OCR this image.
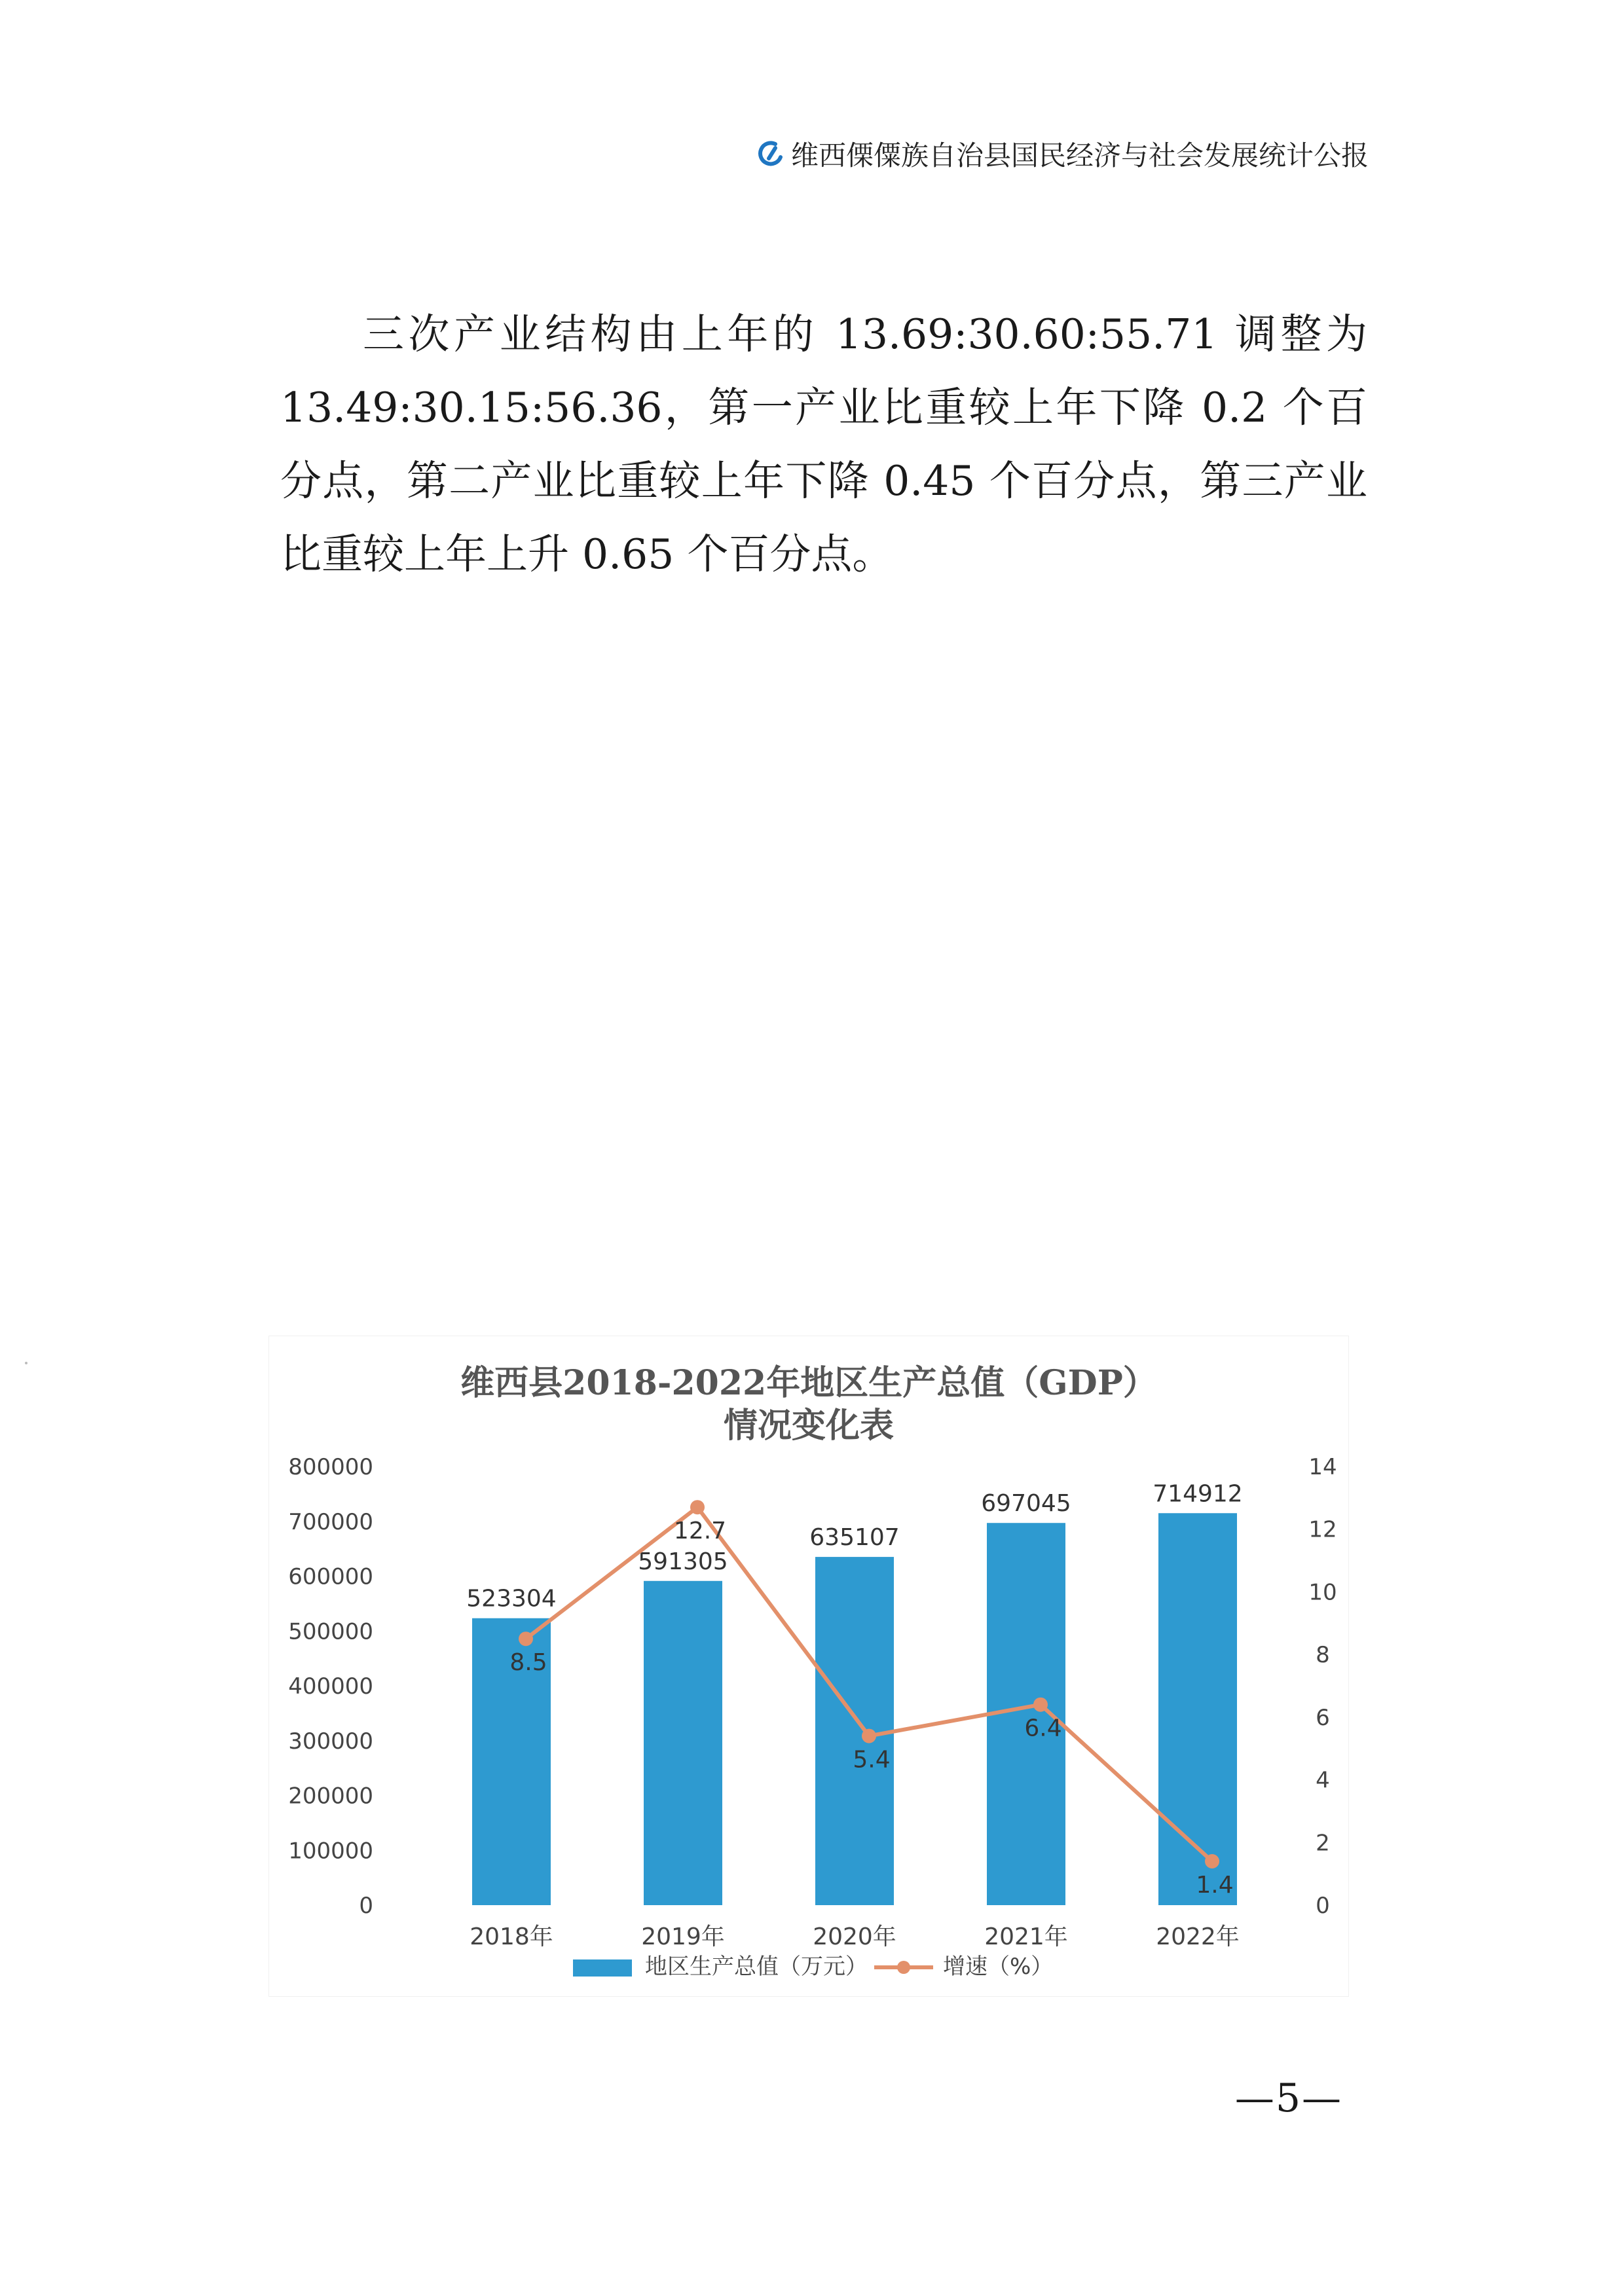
维西傈僳族自治县国民经济与社会发展统计公报

三次产业结构由上年的 13.69:30.60:55.71 调整为 13.49:30.15:56.36，第一产业比重较上年下降 0.2 个百分点，第二产业比重较上年下降 0.45 个百分点，第三产业比重较上年上升 0.65 个百分点。

维西县2018-2022年地区生产总值（GDP）
情况变化表
0
100000
200000
300000
400000
500000
600000
700000
800000
0
2
4
6
8
10
12
14
523304
591305
635107
697045	714912
8.5
12.7
5.4
6.4
1.4
2018年	2019年	2020年	2021年	2022年
地区生产总值（万元）	增速（%）
—5—
